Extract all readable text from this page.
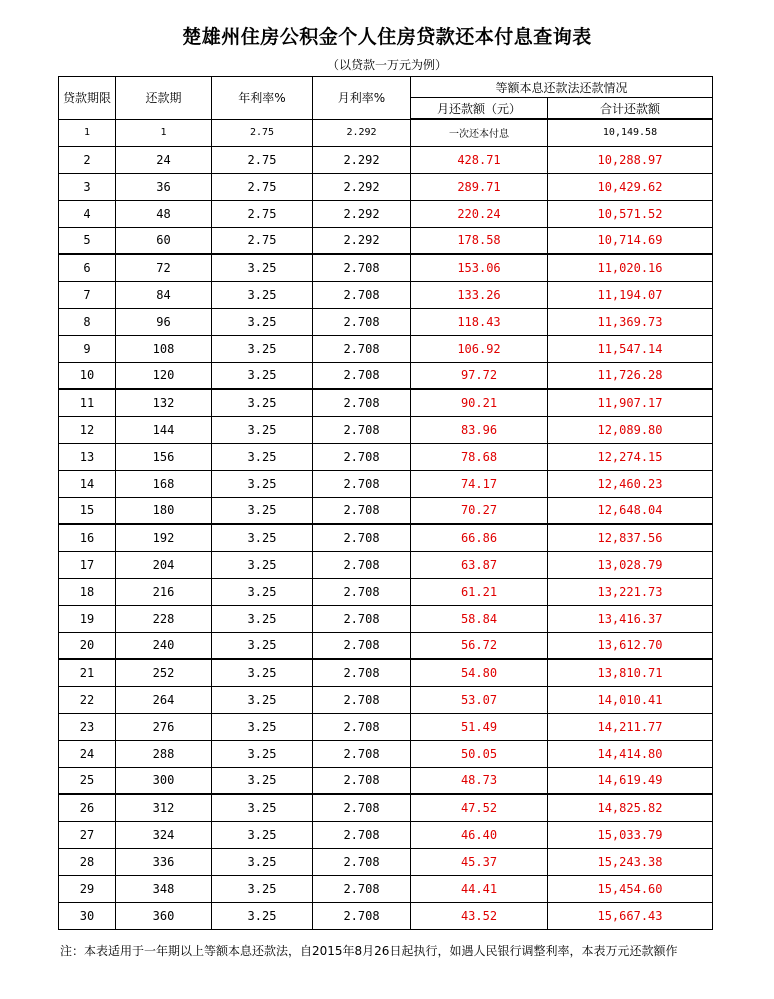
楚雄州住房公积金个人住房贷款还本付息查询表
（以贷款一万元为例）
贷款期限	还款期	年利率%	月利率%	等额本息还款法还款情况	
				月还款额（元）	合计还款额
1	1	2.75	2.292	一次还本付息	10,149.58
2	24	2.75	2.292	428.71	10,288.97
3	36	2.75	2.292	289.71	10,429.62
4	48	2.75	2.292	220.24	10,571.52
5	60	2.75	2.292	178.58	10,714.69
6	72	3.25	2.708	153.06	11,020.16
7	84	3.25	2.708	133.26	11,194.07
8	96	3.25	2.708	118.43	11,369.73
9	108	3.25	2.708	106.92	11,547.14
10	120	3.25	2.708	97.72	11,726.28
11	132	3.25	2.708	90.21	11,907.17
12	144	3.25	2.708	83.96	12,089.80
13	156	3.25	2.708	78.68	12,274.15
14	168	3.25	2.708	74.17	12,460.23
15	180	3.25	2.708	70.27	12,648.04
16	192	3.25	2.708	66.86	12,837.56
17	204	3.25	2.708	63.87	13,028.79
18	216	3.25	2.708	61.21	13,221.73
19	228	3.25	2.708	58.84	13,416.37
20	240	3.25	2.708	56.72	13,612.70
21	252	3.25	2.708	54.80	13,810.71
22	264	3.25	2.708	53.07	14,010.41
23	276	3.25	2.708	51.49	14,211.77
24	288	3.25	2.708	50.05	14,414.80
25	300	3.25	2.708	48.73	14,619.49
26	312	3.25	2.708	47.52	14,825.82
27	324	3.25	2.708	46.40	15,033.79
28	336	3.25	2.708	45.37	15,243.38
29	348	3.25	2.708	44.41	15,454.60
30	360	3.25	2.708	43.52	15,667.43
注：本表适用于一年期以上等额本息还款法，自2015年8月26日起执行，如遇人民银行调整利率，本表万元还款额作
